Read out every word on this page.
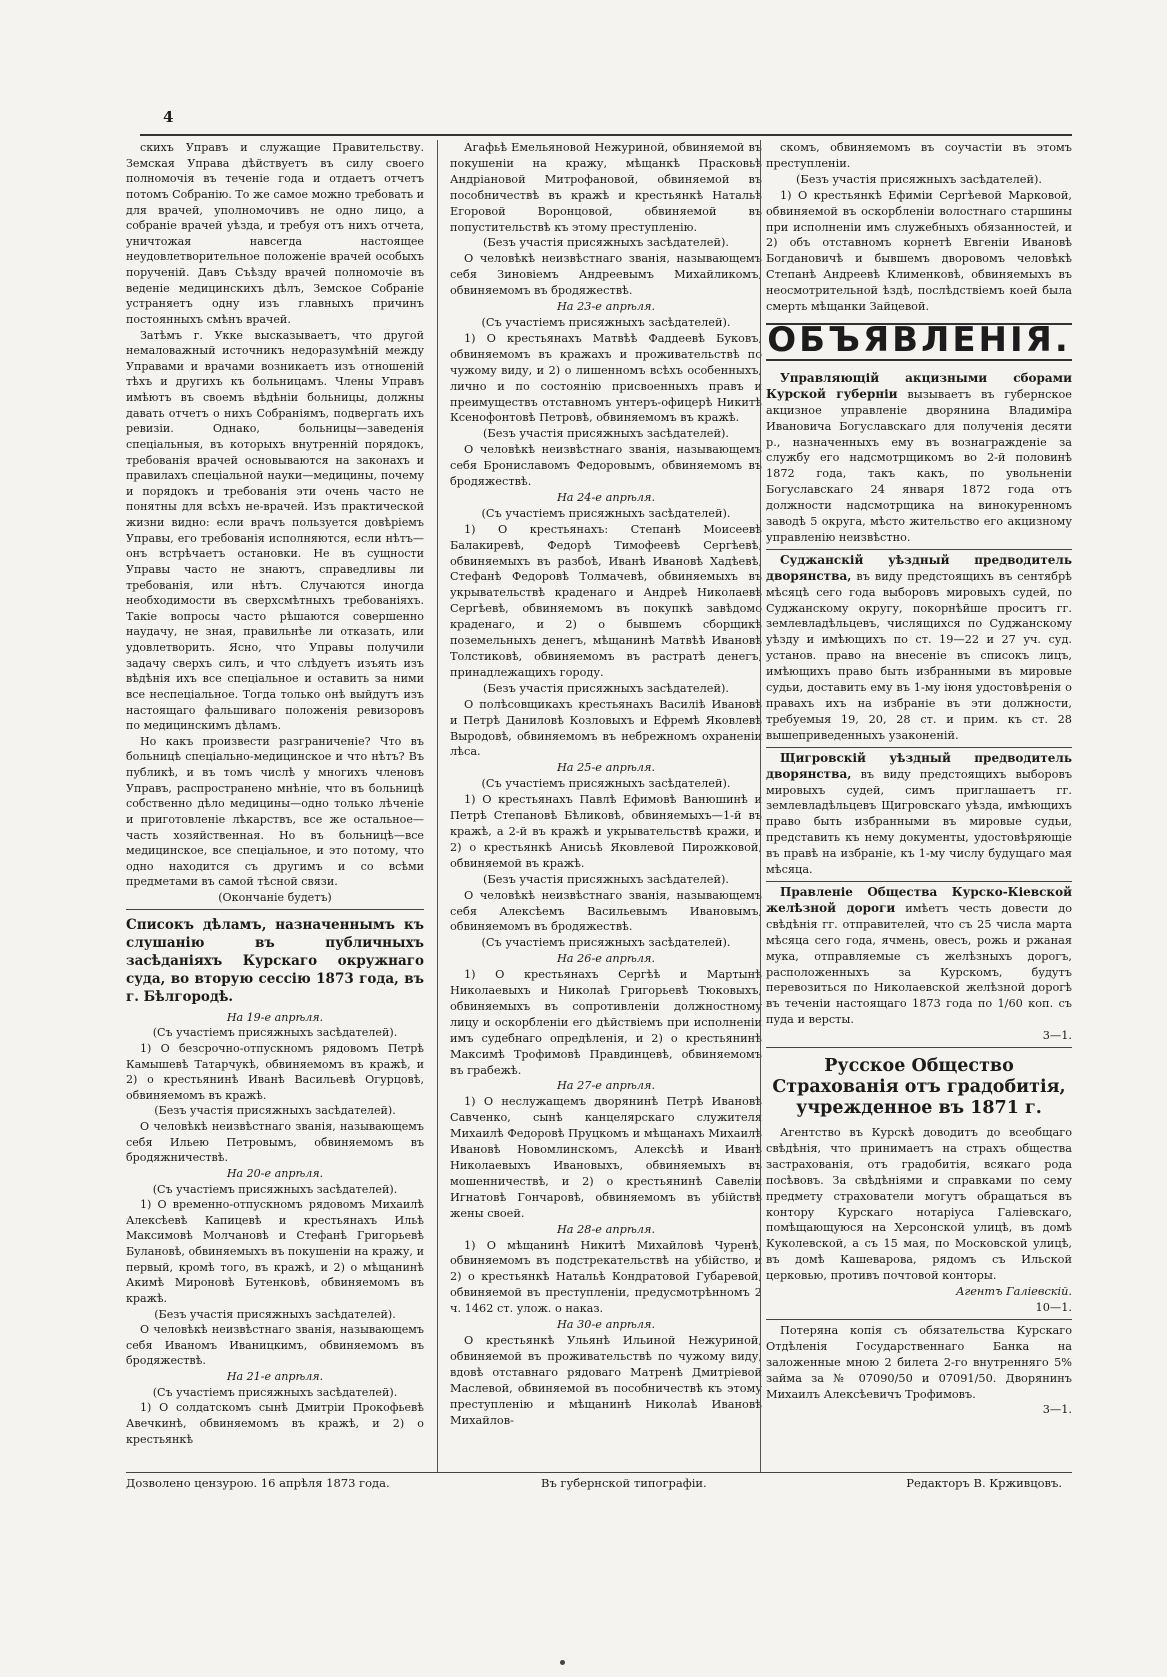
4

скихъ Управъ и служащие Правительству. Земская Управа дѣйствуетъ въ силу своего полномочія въ теченіе года и отдаетъ отчетъ потомъ Собранію. То же самое можно требовать и для врачей, уполномочивъ не одно лицо, а собраніе врачей уѣзда, и требуя отъ нихъ отчета, уничтожая навсегда настоящее неудовлетворительное положеніе врачей особыхъ порученій. Давъ Съѣзду врачей полномочіе въ веденіе медицинскихъ дѣлъ, Земское Собраніе устраняетъ одну изъ главныхъ причинъ постоянныхъ смѣнъ врачей.

Затѣмъ г. Укке высказываетъ, что другой немаловажный источникъ недоразумѣній между Управами и врачами возникаетъ изъ отношеній тѣхъ и другихъ къ больницамъ. Члены Управъ имѣютъ въ своемъ вѣдѣніи больницы, должны давать отчетъ о нихъ Собраніямъ, подвергать ихъ ревизіи. Однако, больницы—заведенія спеціальныя, въ которыхъ внутренній порядокъ, требованія врачей основываются на законахъ и правилахъ спеціальной науки—медицины, почему и порядокъ и требованія эти очень часто не понятны для всѣхъ не-врачей. Изъ практической жизни видно: если врачъ пользуется довѣріемъ Управы, его требованія исполняются, если нѣтъ—онъ встрѣчаетъ остановки. Не въ сущности Управы часто не знаютъ, справедливы ли требованія, или нѣтъ. Случаются иногда необходимости въ сверхсмѣтныхъ требованіяхъ. Такіе вопросы часто рѣшаются совершенно наудачу, не зная, правильнѣе ли отказать, или удовлетворить. Ясно, что Управы получили задачу сверхъ силъ, и что слѣдуетъ изъять изъ вѣдѣнія ихъ все спеціальное и оставить за ними все неспеціальное. Тогда только онѣ выйдутъ изъ настоящаго фальшиваго положенія ревизоровъ по медицинскимъ дѣламъ.

Но какъ произвести разграниченіе? Что въ больницѣ спеціально-медицинское и что нѣтъ? Въ публикѣ, и въ томъ числѣ у многихъ членовъ Управъ, распространено мнѣніе, что въ больницѣ собственно дѣло медицины—одно только лѣченіе и приготовленіе лѣкарствъ, все же остальное—часть хозяйственная. Но въ больницѣ—все медицинское, все спеціальное, и это потому, что одно находится съ другимъ и со всѣми предметами въ самой тѣсной связи.

(Окончаніе будетъ)

Списокъ дѣламъ, назначеннымъ къ слушанію въ публичныхъ засѣданіяхъ Курскаго окружнаго суда, во вторую сессію 1873 года, въ г. Бѣлгородѣ.

На 19-е апрѣля.

(Съ участіемъ присяжныхъ засѣдателей).

1) О безсрочно-отпускномъ рядовомъ Петрѣ Камышевѣ Татарчукѣ, обвиняемомъ въ кражѣ, и 2) о крестьянинѣ Иванѣ Васильевѣ Огурцовѣ, обвиняемомъ въ кражѣ.

(Безъ участія присяжныхъ засѣдателей).

О человѣкѣ неизвѣстнаго званія, называющемъ себя Ильею Петровымъ, обвиняемомъ въ бродяжничествѣ.

На 20-е апрѣля.

(Съ участіемъ присяжныхъ засѣдателей).

1) О временно-отпускномъ рядовомъ Михаилѣ Алексѣевѣ Капицевѣ и крестьянахъ Ильѣ Максимовѣ Молчановѣ и Стефанѣ Григорьевѣ Булановѣ, обвиняемыхъ въ покушеніи на кражу, и первый, кромѣ того, въ кражѣ, и 2) о мѣщанинѣ Акимѣ Мироновѣ Бутенковѣ, обвиняемомъ въ кражѣ.

(Безъ участія присяжныхъ засѣдателей).

О человѣкѣ неизвѣстнаго званія, называющемъ себя Иваномъ Иваницкимъ, обвиняемомъ въ бродяжествѣ.

На 21-е апрѣля.

(Съ участіемъ присяжныхъ засѣдателей).

1) О солдатскомъ сынѣ Дмитріи Прокофьевѣ Авечкинѣ, обвиняемомъ въ кражѣ, и 2) о крестьянкѣ

Агафьѣ Емельяновой Нежуриной, обвиняемой въ покушеніи на кражу, мѣщанкѣ Прасковьѣ Андріановой Митрофановой, обвиняемой въ пособничествѣ въ кражѣ и крестьянкѣ Натальѣ Егоровой Воронцовой, обвиняемой въ попустительствѣ къ этому преступленію.

(Безъ участія присяжныхъ засѣдателей).

О человѣкѣ неизвѣстнаго званія, называющемъ себя Зиновіемъ Андреевымъ Михайликомъ, обвиняемомъ въ бродяжествѣ.

На 23-е апрѣля.

(Съ участіемъ присяжныхъ засѣдателей).

1) О крестьянахъ Матвѣѣ Фаддеевѣ Буковъ, обвиняемомъ въ кражахъ и проживательствѣ по чужому виду, и 2) о лишенномъ всѣхъ особенныхъ, лично и по состоянію присвоенныхъ правъ и преимуществъ отставномъ унтеръ-офицерѣ Никитѣ Ксенофонтовѣ Петровѣ, обвиняемомъ въ кражѣ.

(Безъ участія присяжныхъ засѣдателей).

О человѣкѣ неизвѣстнаго званія, называющемъ себя Брониславомъ Федоровымъ, обвиняемомъ въ бродяжествѣ.

На 24-е апрѣля.

(Съ участіемъ присяжныхъ засѣдателей).

1) О крестьянахъ: Степанѣ Моисеевѣ Балакиревѣ, Федорѣ Тимофеевѣ Сергѣевѣ, обвиняемыхъ въ разбоѣ, Иванѣ Ивановѣ Хадѣевѣ, Стефанѣ Федоровѣ Толмачевѣ, обвиняемыхъ въ укрывательствѣ краденаго и Андреѣ Николаевѣ Сергѣевѣ, обвиняемомъ въ покупкѣ завѣдомо краденаго, и 2) о бывшемъ сборщикѣ поземельныхъ денегъ, мѣщанинѣ Матвѣѣ Ивановѣ Толстиковѣ, обвиняемомъ въ растратѣ денегъ, принадлежащихъ городу.

(Безъ участія присяжныхъ засѣдателей).

О полѣсовщикахъ крестьянахъ Василіѣ Ивановѣ и Петрѣ Даниловѣ Козловыхъ и Ефремѣ Яковлевѣ Выродовѣ, обвиняемомъ въ небрежномъ охраненіи лѣса.

На 25-е апрѣля.

(Съ участіемъ присяжныхъ засѣдателей).

1) О крестьянахъ Павлѣ Ефимовѣ Ванюшинѣ и Петрѣ Степановѣ Бѣликовѣ, обвиняемыхъ—1-й въ кражѣ, а 2-й въ кражѣ и укрывательствѣ кражи, и 2) о крестьянкѣ Анисьѣ Яковлевой Пирожковой, обвиняемой въ кражѣ.

(Безъ участія присяжныхъ засѣдателей).

О человѣкѣ неизвѣстнаго званія, называющемъ себя Алексѣемъ Васильевымъ Ивановымъ, обвиняемомъ въ бродяжествѣ.

(Съ участіемъ присяжныхъ засѣдателей).

На 26-е апрѣля.

1) О крестьянахъ Сергѣѣ и Мартынѣ Николаевыхъ и Николаѣ Григорьевѣ Тюковыхъ, обвиняемыхъ въ сопротивленіи должностному лицу и оскорбленіи его дѣйствіемъ при исполненіи имъ судебнаго опредѣленія, и 2) о крестьянинѣ Максимѣ Трофимовѣ Правдинцевѣ, обвиняемомъ въ грабежѣ.

На 27-е апрѣля.

1) О неслужащемъ дворянинѣ Петрѣ Ивановѣ Савченко, сынѣ канцелярскаго служителя Михаилѣ Федоровѣ Пруцкомъ и мѣщанахъ Михаилѣ Ивановѣ Новомлинскомъ, Алексѣѣ и Иванѣ Николаевыхъ Ивановыхъ, обвиняемыхъ въ мошенничествѣ, и 2) о крестьянинѣ Савеліи Игнатовѣ Гончаровѣ, обвиняемомъ въ убійствѣ жены своей.

На 28-е апрѣля.

1) О мѣщанинѣ Никитѣ Михайловѣ Чуренѣ, обвиняемомъ въ подстрекательствѣ на убійство, и 2) о крестьянкѣ Натальѣ Кондратовой Губаревой, обвиняемой въ преступленіи, предусмотрѣнномъ 2 ч. 1462 ст. улож. о наказ.

На 30-е апрѣля.

О крестьянкѣ Ульянѣ Ильиной Нежуриной, обвиняемой въ проживательствѣ по чужому виду, вдовѣ отставнаго рядоваго Матренѣ Дмитріевой Маслевой, обвиняемой въ пособничествѣ къ этому преступленію и мѣщанинѣ Николаѣ Ивановѣ Михайлов-

скомъ, обвиняемомъ въ соучастіи въ этомъ преступленіи.

(Безъ участія присяжныхъ засѣдателей).

1) О крестьянкѣ Ефиміи Сергѣевой Марковой, обвиняемой въ оскорбленіи волостнаго старшины при исполненіи имъ служебныхъ обязанностей, и 2) объ отставномъ корнетѣ Евгеніи Ивановѣ Богдановичѣ и бывшемъ дворовомъ человѣкѣ Степанѣ Андреевѣ Клименковѣ, обвиняемыхъ въ неосмотрительной ѣздѣ, послѣдствіемъ коей была смерть мѣщанки Зайцевой.

ОБЪЯВЛЕНІЯ.

Управляющій акцизными сборами Курской губерніи вызываетъ въ губернское акцизное управленіе дворянина Владиміра Ивановича Богуславскаго для полученія десяти р., назначенныхъ ему въ вознагражденіе за службу его надсмотрщикомъ во 2-й половинѣ 1872 года, такъ какъ, по увольненіи Богуславскаго 24 января 1872 года отъ должности надсмотрщика на винокуренномъ заводѣ 5 округа, мѣсто жительство его акцизному управленію неизвѣстно.

Суджанскій уѣздный предводитель дворянства, въ виду предстоящихъ въ сентябрѣ мѣсяцѣ сего года выборовъ мировыхъ судей, по Суджанскому округу, покорнѣйше проситъ гг. землевладѣльцевъ, числящихся по Суджанскому уѣзду и имѣющихъ по ст. 19—22 и 27 уч. суд. установ. право на внесеніе въ списокъ лицъ, имѣющихъ право быть избранными въ мировые судьи, доставить ему въ 1-му іюня удостовѣренія о правахъ ихъ на избраніе въ эти должности, требуемыя 19, 20, 28 ст. и прим. къ ст. 28 вышеприведенныхъ узаконеній.

Щигровскій уѣздный предводитель дворянства, въ виду предстоящихъ выборовъ мировыхъ судей, симъ приглашаетъ гг. землевладѣльцевъ Щигровскаго уѣзда, имѣющихъ право быть избранными въ мировые судьи, представить къ нему документы, удостовѣряющіе въ правѣ на избраніе, къ 1-му числу будущаго мая мѣсяца.

Правленіе Общества Курско-Кіевской желѣзной дороги имѣетъ честь довести до свѣдѣнія гг. отправителей, что съ 25 числа марта мѣсяца сего года, ячмень, овесъ, рожь и ржаная мука, отправляемые съ желѣзныхъ дорогъ, расположенныхъ за Курскомъ, будутъ перевозиться по Николаевской желѣзной дорогѣ въ теченіи настоящаго 1873 года по 1/60 коп. съ пуда и версты.

3—1.

Русское Общество Страхованія отъ градобитія, учрежденное въ 1871 г.

Агентство въ Курскѣ доводитъ до всеобщаго свѣдѣнія, что принимаетъ на страхъ общества застрахованія, отъ градобитія, всякаго рода посѣвовъ. За свѣдѣніями и справками по сему предмету страхователи могутъ обращаться въ контору Курскаго нотаріуса Галіевскаго, помѣщающуюся на Херсонской улицѣ, въ домѣ Куколевской, а съ 15 мая, по Московской улицѣ, въ домѣ Кашеварова, рядомъ съ Ильской церковью, противъ почтовой конторы.

Агентъ Галіевскій.

10—1.

Потеряна копія съ обязательства Курскаго Отдѣленія Государственнаго Банка на заложенные мною 2 билета 2-го внутренняго 5% займа за № 07090/50 и 07091/50. Дворянинъ Михаилъ Алексѣевичъ Трофимовъ.

3—1.

Дозволено цензурою. 16 апрѣля 1873 года.	Въ губернской типографіи.	Редакторъ В. Крживцовъ.
